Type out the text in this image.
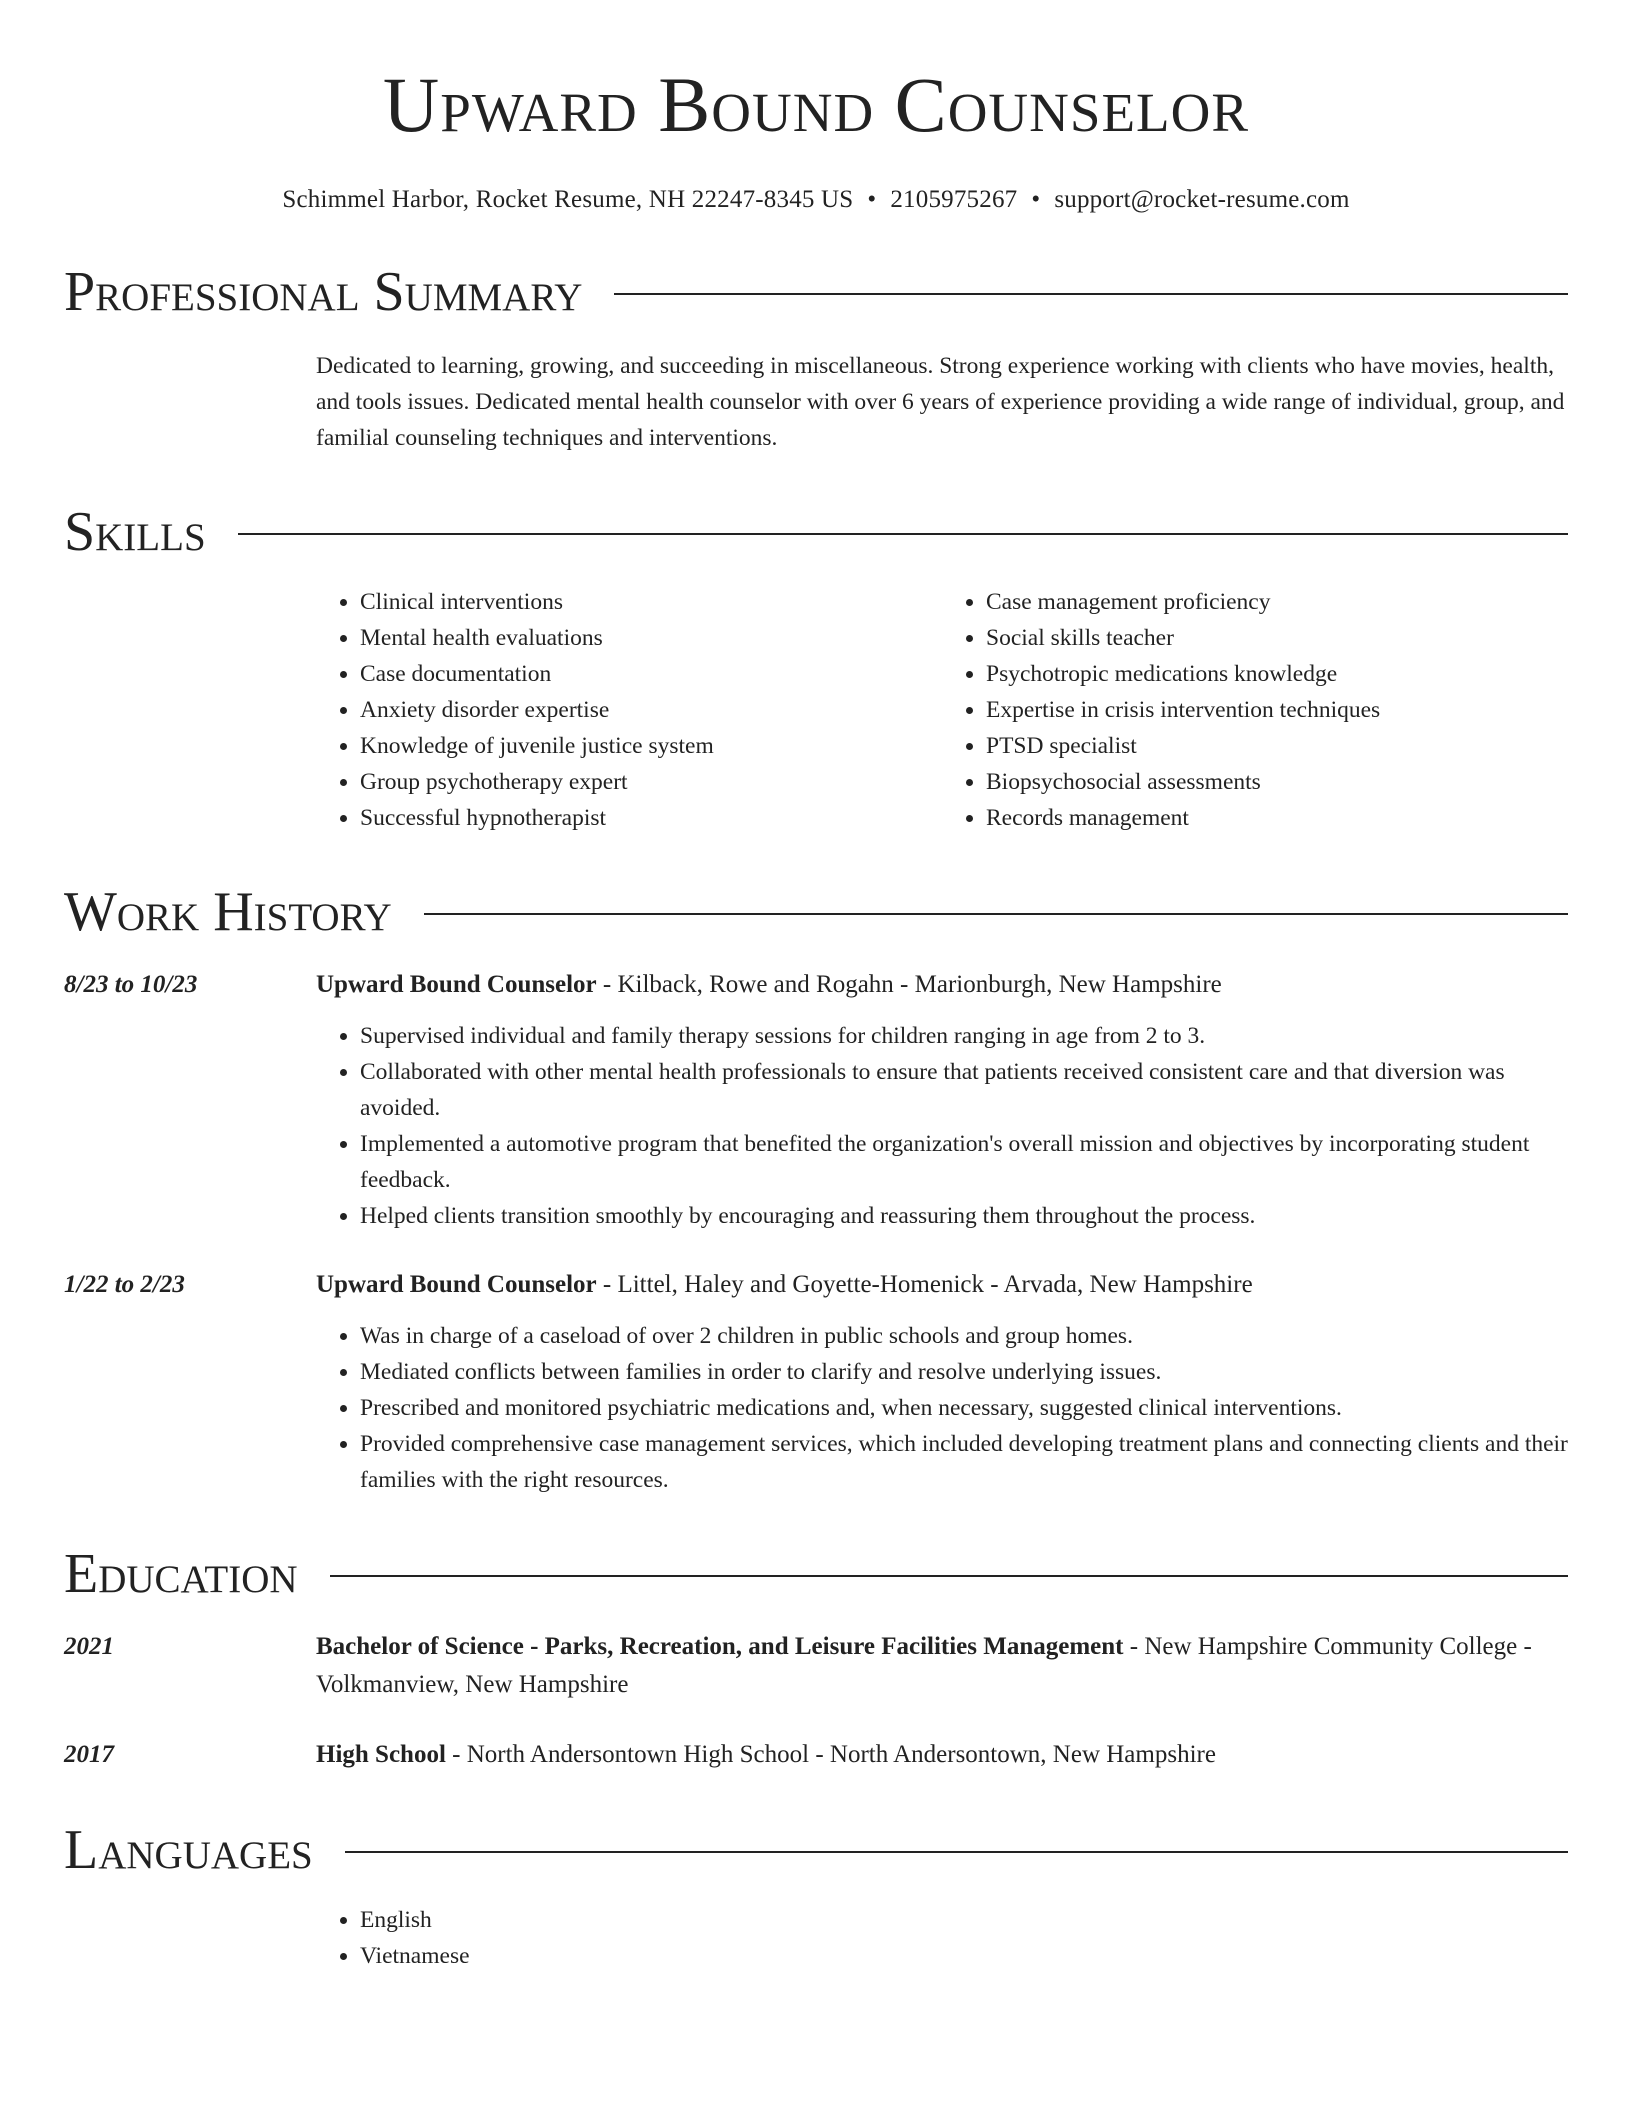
Upward Bound Counselor
Schimmel Harbor, Rocket Resume, NH 22247-8345 US • 2105975267 • support@rocket-resume.com
Professional Summary
Dedicated to learning, growing, and succeeding in miscellaneous. Strong experience working with clients who have movies, health, and tools issues. Dedicated mental health counselor with over 6 years of experience providing a wide range of individual, group, and familial counseling techniques and interventions.
Skills
• Clinical interventions
• Mental health evaluations
• Case documentation
• Anxiety disorder expertise
• Knowledge of juvenile justice system
• Group psychotherapy expert
• Successful hypnotherapist
• Case management proficiency
• Social skills teacher
• Psychotropic medications knowledge
• Expertise in crisis intervention techniques
• PTSD specialist
• Biopsychosocial assessments
• Records management
Work History
8/23 to 10/23	Upward Bound Counselor - Kilback, Rowe and Rogahn - Marionburgh, New Hampshire
• Supervised individual and family therapy sessions for children ranging in age from 2 to 3.
• Collaborated with other mental health professionals to ensure that patients received consistent care and that diversion was avoided.
• Implemented a automotive program that benefited the organization's overall mission and objectives by incorporating student feedback.
• Helped clients transition smoothly by encouraging and reassuring them throughout the process.
1/22 to 2/23	Upward Bound Counselor - Littel, Haley and Goyette-Homenick - Arvada, New Hampshire
• Was in charge of a caseload of over 2 children in public schools and group homes.
• Mediated conflicts between families in order to clarify and resolve underlying issues.
• Prescribed and monitored psychiatric medications and, when necessary, suggested clinical interventions.
• Provided comprehensive case management services, which included developing treatment plans and connecting clients and their families with the right resources.
Education
2021	Bachelor of Science - Parks, Recreation, and Leisure Facilities Management - New Hampshire Community College - Volkmanview, New Hampshire
2017	High School - North Andersontown High School - North Andersontown, New Hampshire
Languages
• English
• Vietnamese
